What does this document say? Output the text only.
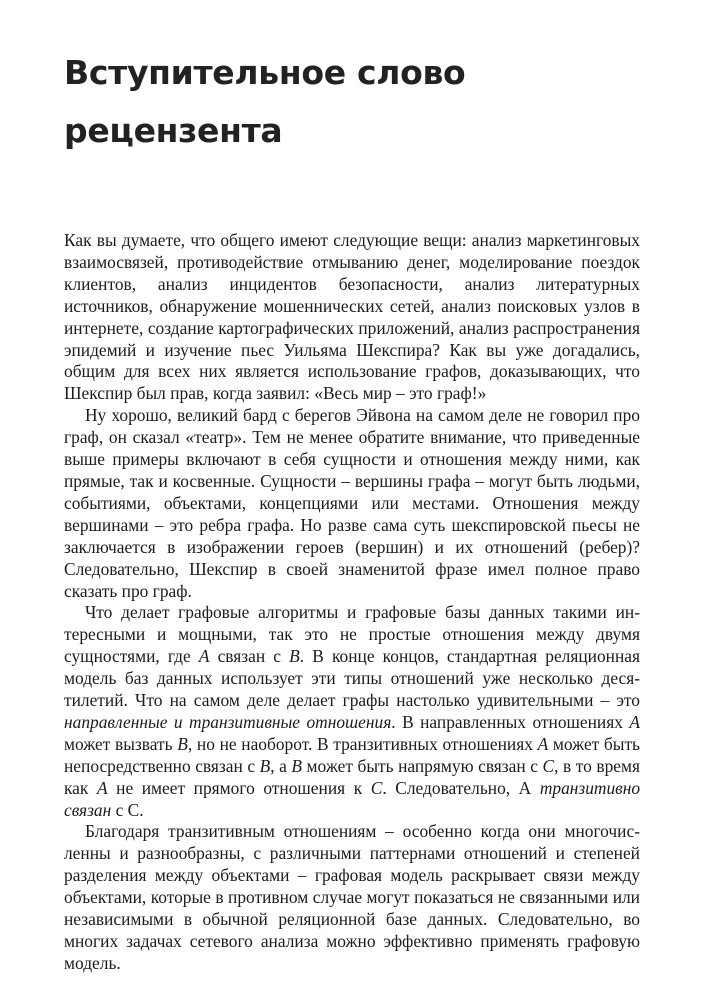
Вступительное слово
рецензента

Как вы думаете, что общего имеют следующие вещи: анализ маркетинговых взаимосвязей, противодействие отмыванию денег, моделирование поездок клиентов, анализ инцидентов безопасности, анализ литературных источников, обнаружение мошеннических сетей, анализ поисковых узлов в интернете, создание картографических приложений, анализ распространения эпидемий и изучение пьес Уильяма Шекспира? Как вы уже догадались, общим для всех них является использование графов, доказывающих, что Шекспир был прав, когда заявил: «Весь мир – это граф!»

Ну хорошо, великий бард с берегов Эйвона на самом деле не говорил про граф, он сказал «театр». Тем не менее обратите внимание, что приведенные выше примеры включают в себя сущности и отношения между ними, как прямые, так и косвенные. Сущности – вершины графа – могут быть людьми, событиями, объектами, концепциями или местами. Отношения между вершинами – это ребра графа. Но разве сама суть шекспировской пьесы не заключается в изображении героев (вершин) и их отношений (ребер)? Следовательно, Шекспир в своей знаменитой фразе имел полное право сказать про граф.

Что делает графовые алгоритмы и графовые базы данных такими интересными и мощными, так это не простые отношения между двумя сущностями, где A связан с B. В конце концов, стандартная реляционная модель баз данных использует эти типы отношений уже несколько десятилетий. Что на самом деле делает графы настолько удивительными – это направленные и транзитивные отношения. В направленных отношениях A может вызвать B, но не наоборот. В транзитивных отношениях A может быть непосредственно связан с B, а B может быть напрямую связан с C, в то время как A не имеет прямого отношения к C. Следовательно, А транзитивно связан с С.

Благодаря транзитивным отношениям – особенно когда они многочисленны и разнообразны, с различными паттернами отношений и степеней разделения между объектами – графовая модель раскрывает связи между объектами, которые в противном случае могут показаться не связанными или независимыми в обычной реляционной базе данных. Следовательно, во многих задачах сетевого анализа можно эффективно применять графовую модель.
